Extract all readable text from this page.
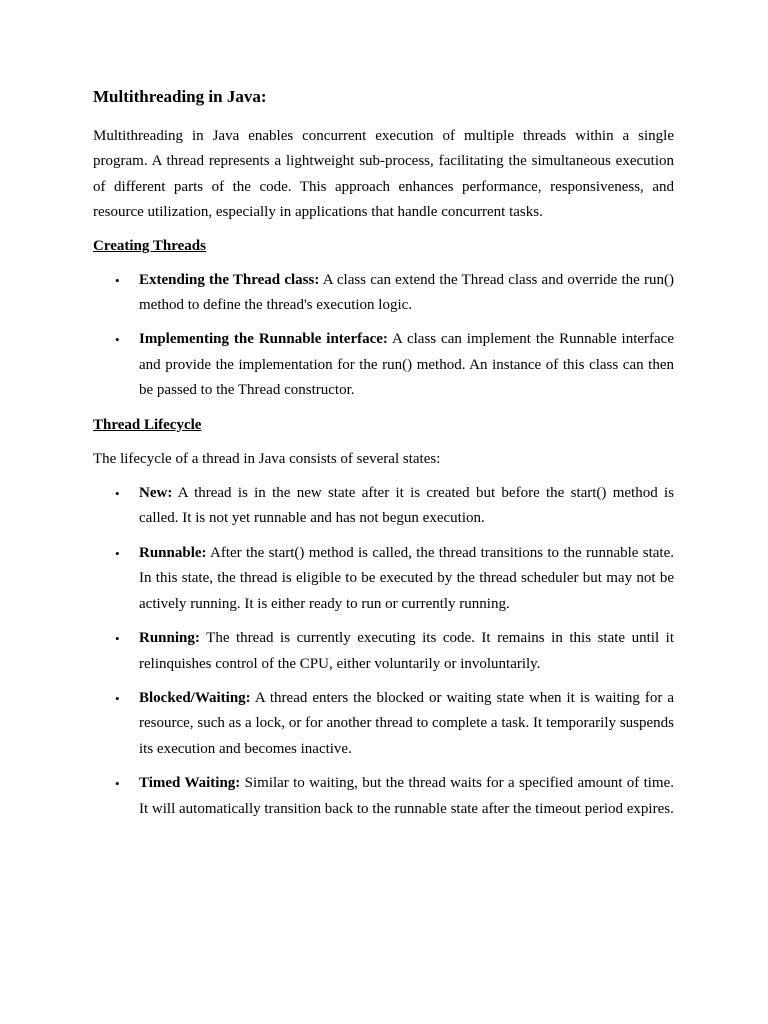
Multithreading in Java:

Multithreading in Java enables concurrent execution of multiple threads within a single program. A thread represents a lightweight sub-process, facilitating the simultaneous execution of different parts of the code. This approach enhances performance, responsiveness, and resource utilization, especially in applications that handle concurrent tasks.

Creating Threads
• Extending the Thread class: A class can extend the Thread class and override the run() method to define the thread's execution logic.
• Implementing the Runnable interface: A class can implement the Runnable interface and provide the implementation for the run() method. An instance of this class can then be passed to the Thread constructor.
Thread Lifecycle

The lifecycle of a thread in Java consists of several states:

• New: A thread is in the new state after it is created but before the start() method is called. It is not yet runnable and has not begun execution.
• Runnable: After the start() method is called, the thread transitions to the runnable state. In this state, the thread is eligible to be executed by the thread scheduler but may not be actively running. It is either ready to run or currently running.
• Running: The thread is currently executing its code. It remains in this state until it relinquishes control of the CPU, either voluntarily or involuntarily.
• Blocked/Waiting: A thread enters the blocked or waiting state when it is waiting for a resource, such as a lock, or for another thread to complete a task. It temporarily suspends its execution and becomes inactive.
• Timed Waiting: Similar to waiting, but the thread waits for a specified amount of time. It will automatically transition back to the runnable state after the timeout period expires.
